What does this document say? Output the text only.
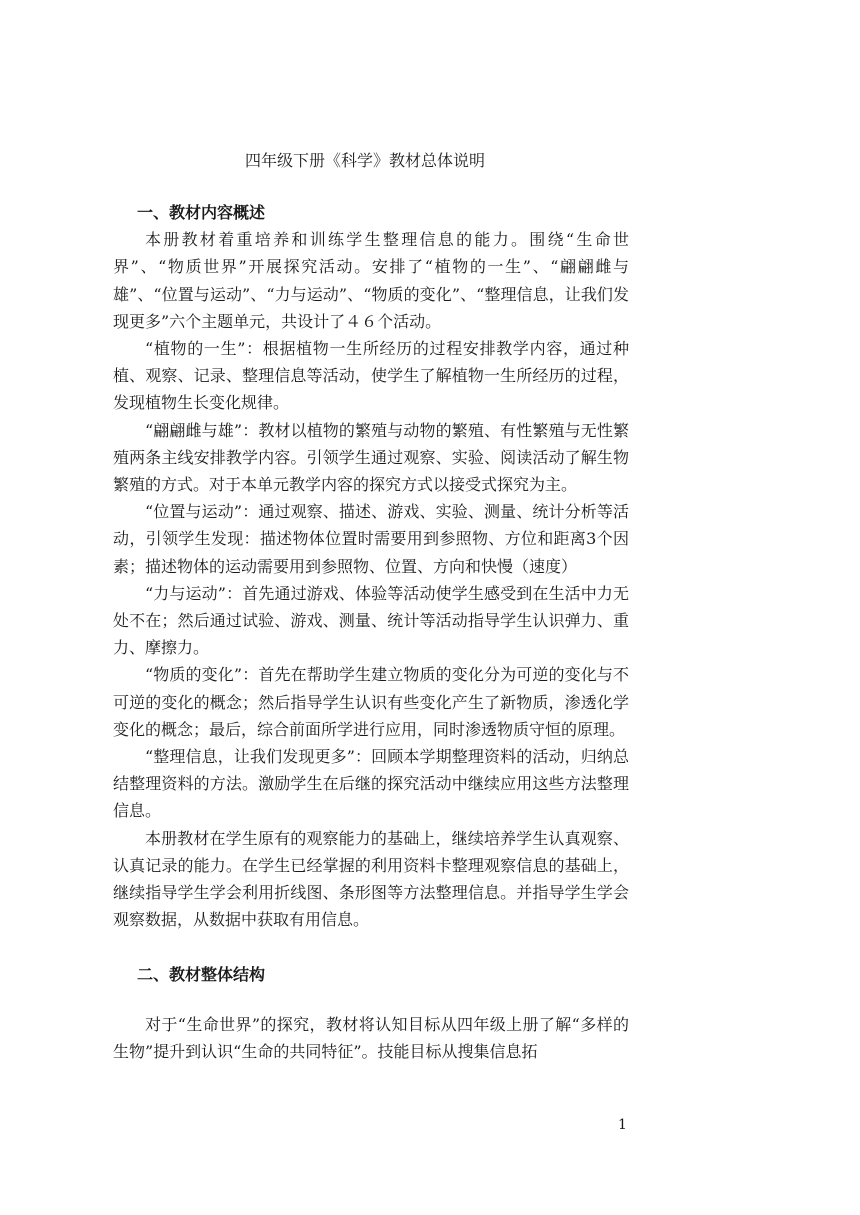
四年级下册《科学》教材总体说明
一、教材内容概述

本册教材着重培养和训练学生整理信息的能力。围绕“生命世界”、“物质世界”开展探究活动。安排了“植物的一生”、“翩翩雌与雄”、“位置与运动”、“力与运动”、“物质的变化”、“整理信息，让我们发现更多”六个主题单元，共设计了４６个活动。

“植物的一生”：根据植物一生所经历的过程安排教学内容，通过种植、观察、记录、整理信息等活动，使学生了解植物一生所经历的过程，发现植物生长变化规律。

“翩翩雌与雄”：教材以植物的繁殖与动物的繁殖、有性繁殖与无性繁殖两条主线安排教学内容。引领学生通过观察、实验、阅读活动了解生物繁殖的方式。对于本单元教学内容的探究方式以接受式探究为主。

“位置与运动”：通过观察、描述、游戏、实验、测量、统计分析等活动，引领学生发现：描述物体位置时需要用到参照物、方位和距离3个因素；描述物体的运动需要用到参照物、位置、方向和快慢（速度）

“力与运动”：首先通过游戏、体验等活动使学生感受到在生活中力无处不在；然后通过试验、游戏、测量、统计等活动指导学生认识弹力、重力、摩擦力。

“物质的变化”：首先在帮助学生建立物质的变化分为可逆的变化与不可逆的变化的概念；然后指导学生认识有些变化产生了新物质，渗透化学变化的概念；最后，综合前面所学进行应用，同时渗透物质守恒的原理。

“整理信息，让我们发现更多”：回顾本学期整理资料的活动，归纳总结整理资料的方法。激励学生在后继的探究活动中继续应用这些方法整理信息。

本册教材在学生原有的观察能力的基础上，继续培养学生认真观察、认真记录的能力。在学生已经掌握的利用资料卡整理观察信息的基础上，继续指导学生学会利用折线图、条形图等方法整理信息。并指导学生学会观察数据，从数据中获取有用信息。

二、教材整体结构

对于“生命世界”的探究，教材将认知目标从四年级上册了解“多样的生物”提升到认识“生命的共同特征”。技能目标从搜集信息拓

1
